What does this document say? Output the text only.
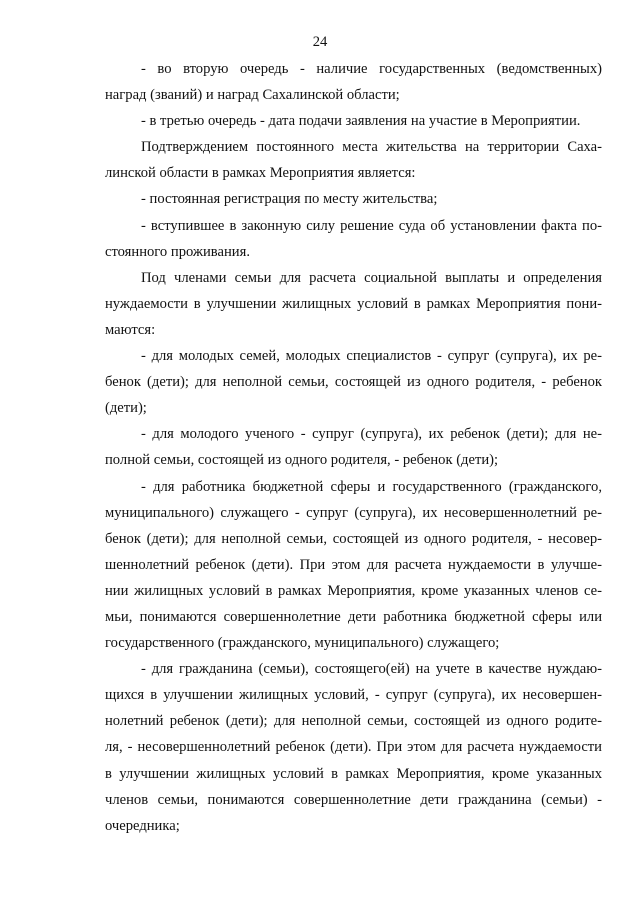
24
- во вторую очередь - наличие государственных (ведомственных)
наград (званий) и наград Сахалинской области;
- в третью очередь - дата подачи заявления на участие в Мероприятии.
Подтверждением постоянного места жительства на территории Саха-
линской области в рамках Мероприятия является:
- постоянная регистрация по месту жительства;
- вступившее в законную силу решение суда об установлении факта по-
стоянного проживания.
Под членами семьи для расчета социальной выплаты и определения
нуждаемости в улучшении жилищных условий в рамках Мероприятия пони-
маются:
- для молодых семей, молодых специалистов - супруг (супруга), их ре-
бенок (дети); для неполной семьи, состоящей из одного родителя, - ребенок
(дети);
- для молодого ученого - супруг (супруга), их ребенок (дети); для не-
полной семьи, состоящей из одного родителя, - ребенок (дети);
- для работника бюджетной сферы и государственного (гражданского,
муниципального) служащего - супруг (супруга), их несовершеннолетний ре-
бенок (дети); для неполной семьи, состоящей из одного родителя, - несовер-
шеннолетний ребенок (дети). При этом для расчета нуждаемости в улучше-
нии жилищных условий в рамках Мероприятия, кроме указанных членов се-
мьи, понимаются совершеннолетние дети работника бюджетной сферы или
государственного (гражданского, муниципального) служащего;
- для гражданина (семьи), состоящего(ей) на учете в качестве нуждаю-
щихся в улучшении жилищных условий, - супруг (супруга), их несовершен-
нолетний ребенок (дети); для неполной семьи, состоящей из одного родите-
ля, - несовершеннолетний ребенок (дети). При этом для расчета нуждаемости
в улучшении жилищных условий в рамках Мероприятия, кроме указанных
членов семьи, понимаются совершеннолетние дети гражданина (семьи) -
очередника;
